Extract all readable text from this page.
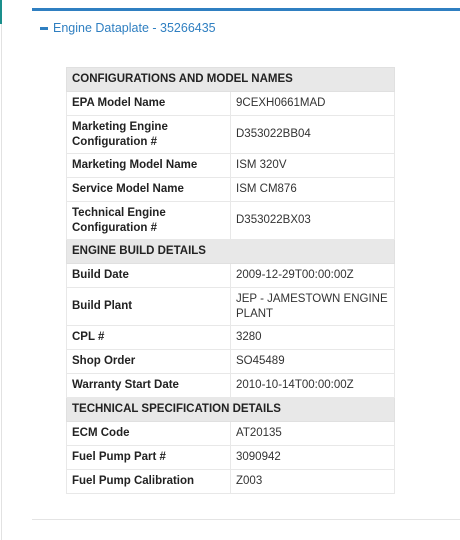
Engine Dataplate - 35266435
CONFIGURATIONS AND MODEL NAMES	
EPA Model Name	9CEXH0661MAD
Marketing Engine Configuration #	D353022BB04
Marketing Model Name	ISM 320V
Service Model Name	ISM CM876
Technical Engine Configuration #	D353022BX03
ENGINE BUILD DETAILS	
Build Date	2009-12-29T00:00:00Z
Build Plant	JEP - JAMESTOWN ENGINE PLANT
CPL #	3280
Shop Order	SO45489
Warranty Start Date	2010-10-14T00:00:00Z
TECHNICAL SPECIFICATION DETAILS	
ECM Code	AT20135
Fuel Pump Part #	3090942
Fuel Pump Calibration	Z003
